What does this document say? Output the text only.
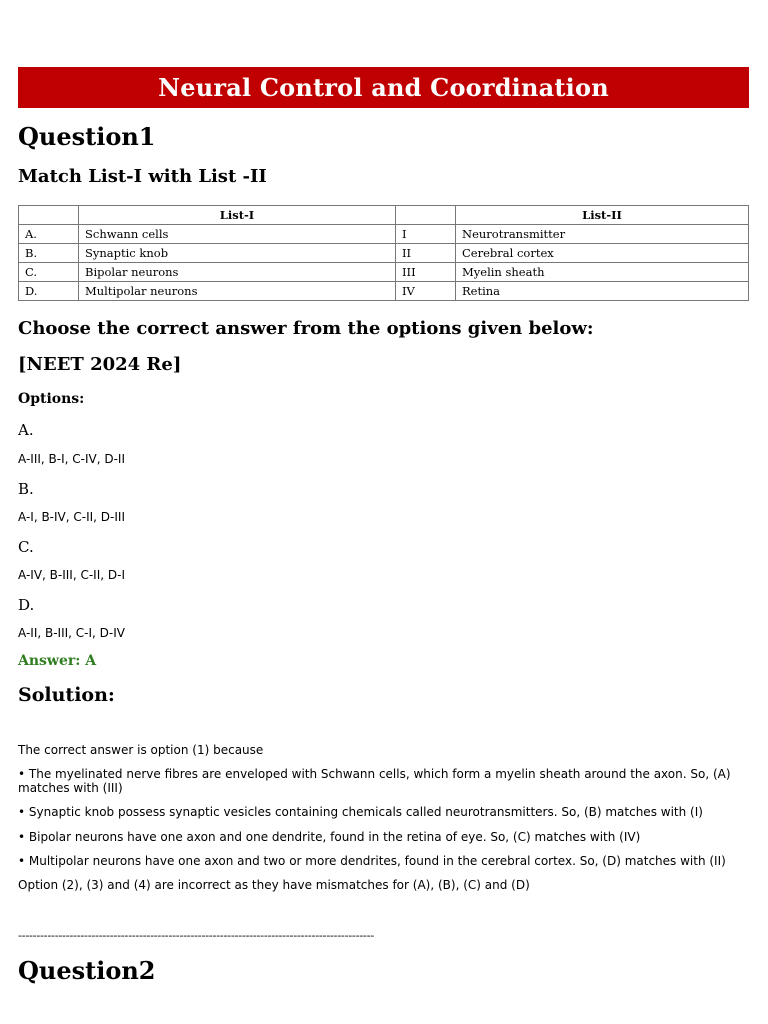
Neural Control and Coordination
Question1
Match List-I with List -II
	List-I		List-II
A.	Schwann cells	I	Neurotransmitter
B.	Synaptic knob	II	Cerebral cortex
C.	Bipolar neurons	III	Myelin sheath
D.	Multipolar neurons	IV	Retina
Choose the correct answer from the options given below:
[NEET 2024 Re]
Options:
A.
A-III, B-I, C-IV, D-II
B.
A-I, B-IV, C-II, D-III
C.
A-IV, B-III, C-II, D-I
D.
A-II, B-III, C-I, D-IV
Answer: A
Solution:
The correct answer is option (1) because
• The myelinated nerve fibres are enveloped with Schwann cells, which form a myelin sheath around the axon. So, (A) matches with (III)
• Synaptic knob possess synaptic vesicles containing chemicals called neurotransmitters. So, (B) matches with (I)
• Bipolar neurons have one axon and one dendrite, found in the retina of eye. So, (C) matches with (IV)
• Multipolar neurons have one axon and two or more dendrites, found in the cerebral cortex. So, (D) matches with (II)
Option (2), (3) and (4) are incorrect as they have mismatches for (A), (B), (C) and (D)
-------------------------------------------------------------------------------------------------
Question2
